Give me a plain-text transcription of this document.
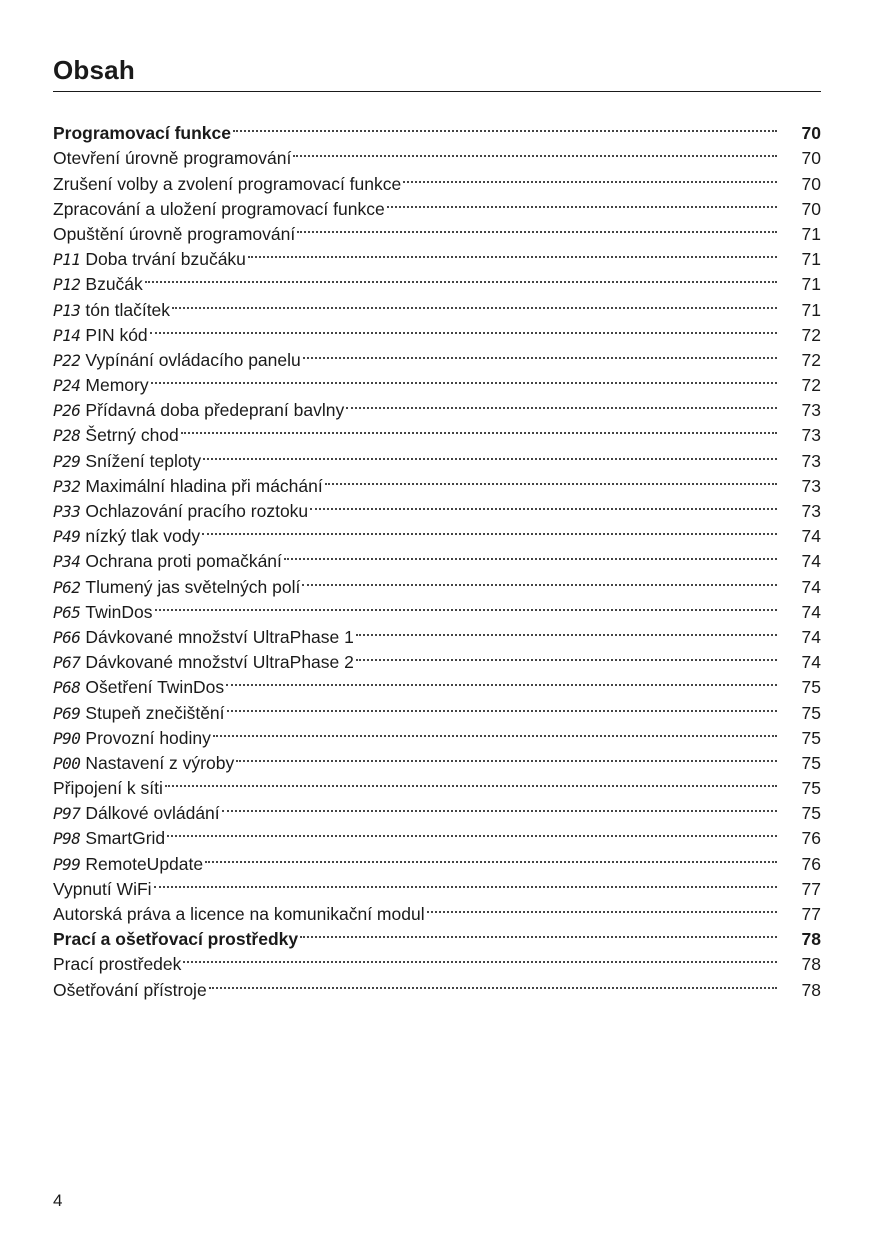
Obsah
Programovací funkce	70
Otevření úrovně programování	70
Zrušení volby a zvolení programovací funkce	70
Zpracování a uložení programovací funkce	70
Opuštění úrovně programování	71
P11 Doba trvání bzučáku	71
P12 Bzučák	71
P13 tón tlačítek	71
P14 PIN kód	72
P22 Vypínání ovládacího panelu	72
P24 Memory	72
P26 Přídavná doba předepraní bavlny	73
P28 Šetrný chod	73
P29 Snížení teploty	73
P32 Maximální hladina při máchání	73
P33 Ochlazování pracího roztoku	73
P49 nízký tlak vody	74
P34 Ochrana proti pomačkání	74
P62 Tlumený jas světelných polí	74
P65 TwinDos	74
P66 Dávkované množství UltraPhase 1	74
P67 Dávkované množství UltraPhase 2	74
P68 Ošetření TwinDos	75
P69 Stupeň znečištění	75
P90 Provozní hodiny	75
P00 Nastavení z výroby	75
Připojení k síti	75
P97 Dálkové ovládání	75
P98 SmartGrid	76
P99 RemoteUpdate	76
Vypnutí WiFi	77
Autorská práva a licence na komunikační modul	77
Prací a ošetřovací prostředky	78
Prací prostředek	78
Ošetřování přístroje	78
4
